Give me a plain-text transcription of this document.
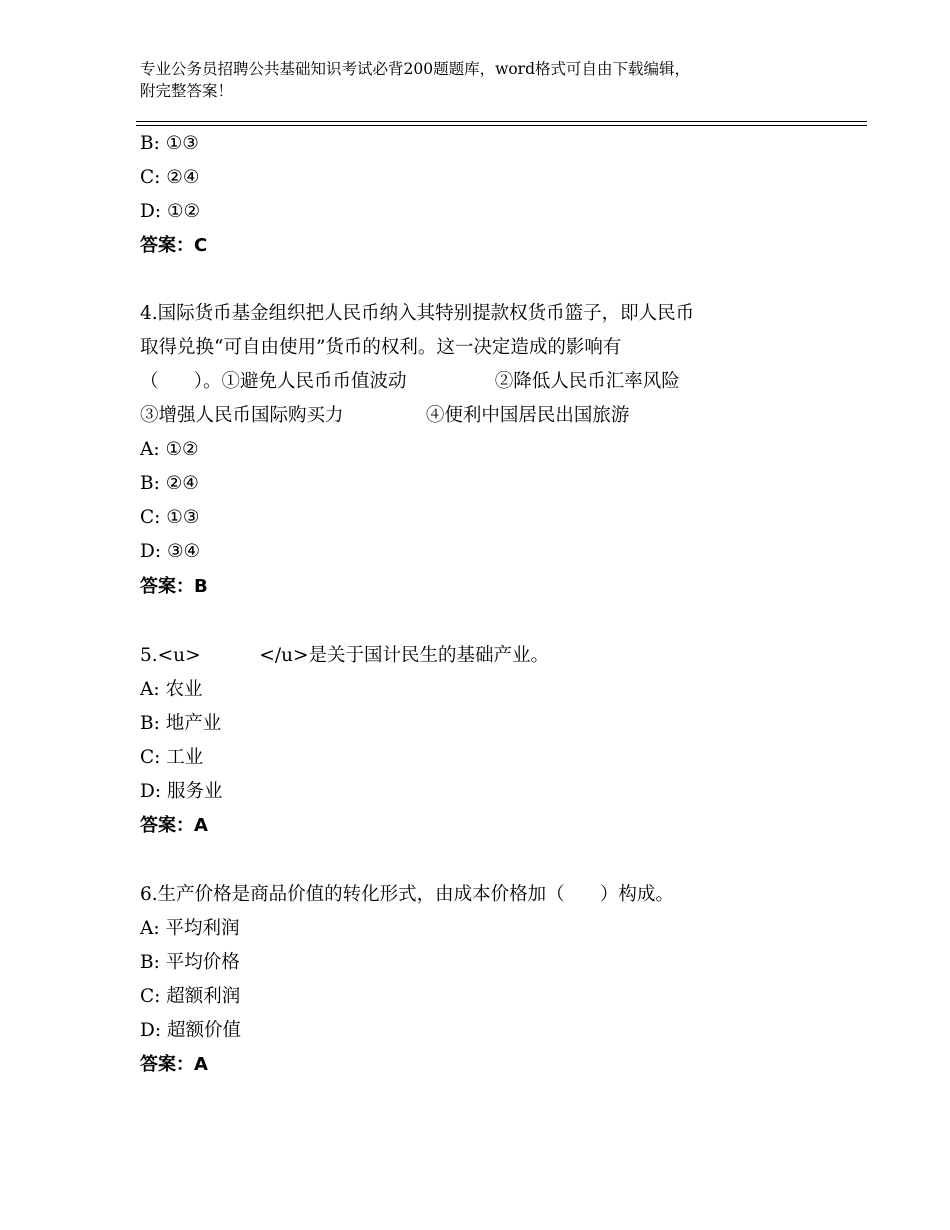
专业公务员招聘公共基础知识考试必背200题题库，word格式可自由下载编辑，
附完整答案！
B: ①③
C: ②④
D: ①②
答案：C
4.国际货币基金组织把人民币纳入其特别提款权货币篮子，即人民币
取得兑换“可自由使用”货币的权利。这一决定造成的影响有
（      ）。①避免人民币币值波动               ②降低人民币汇率风险
③增强人民币国际购买力              ④便利中国居民出国旅游
A: ①②
B: ②④
C: ①③
D: ③④
答案：B
5.<u>          </u>是关于国计民生的基础产业。
A: 农业
B: 地产业
C: 工业
D: 服务业
答案：A
6.生产价格是商品价值的转化形式，由成本价格加（      ）构成。
A: 平均利润
B: 平均价格
C: 超额利润
D: 超额价值
答案：A
